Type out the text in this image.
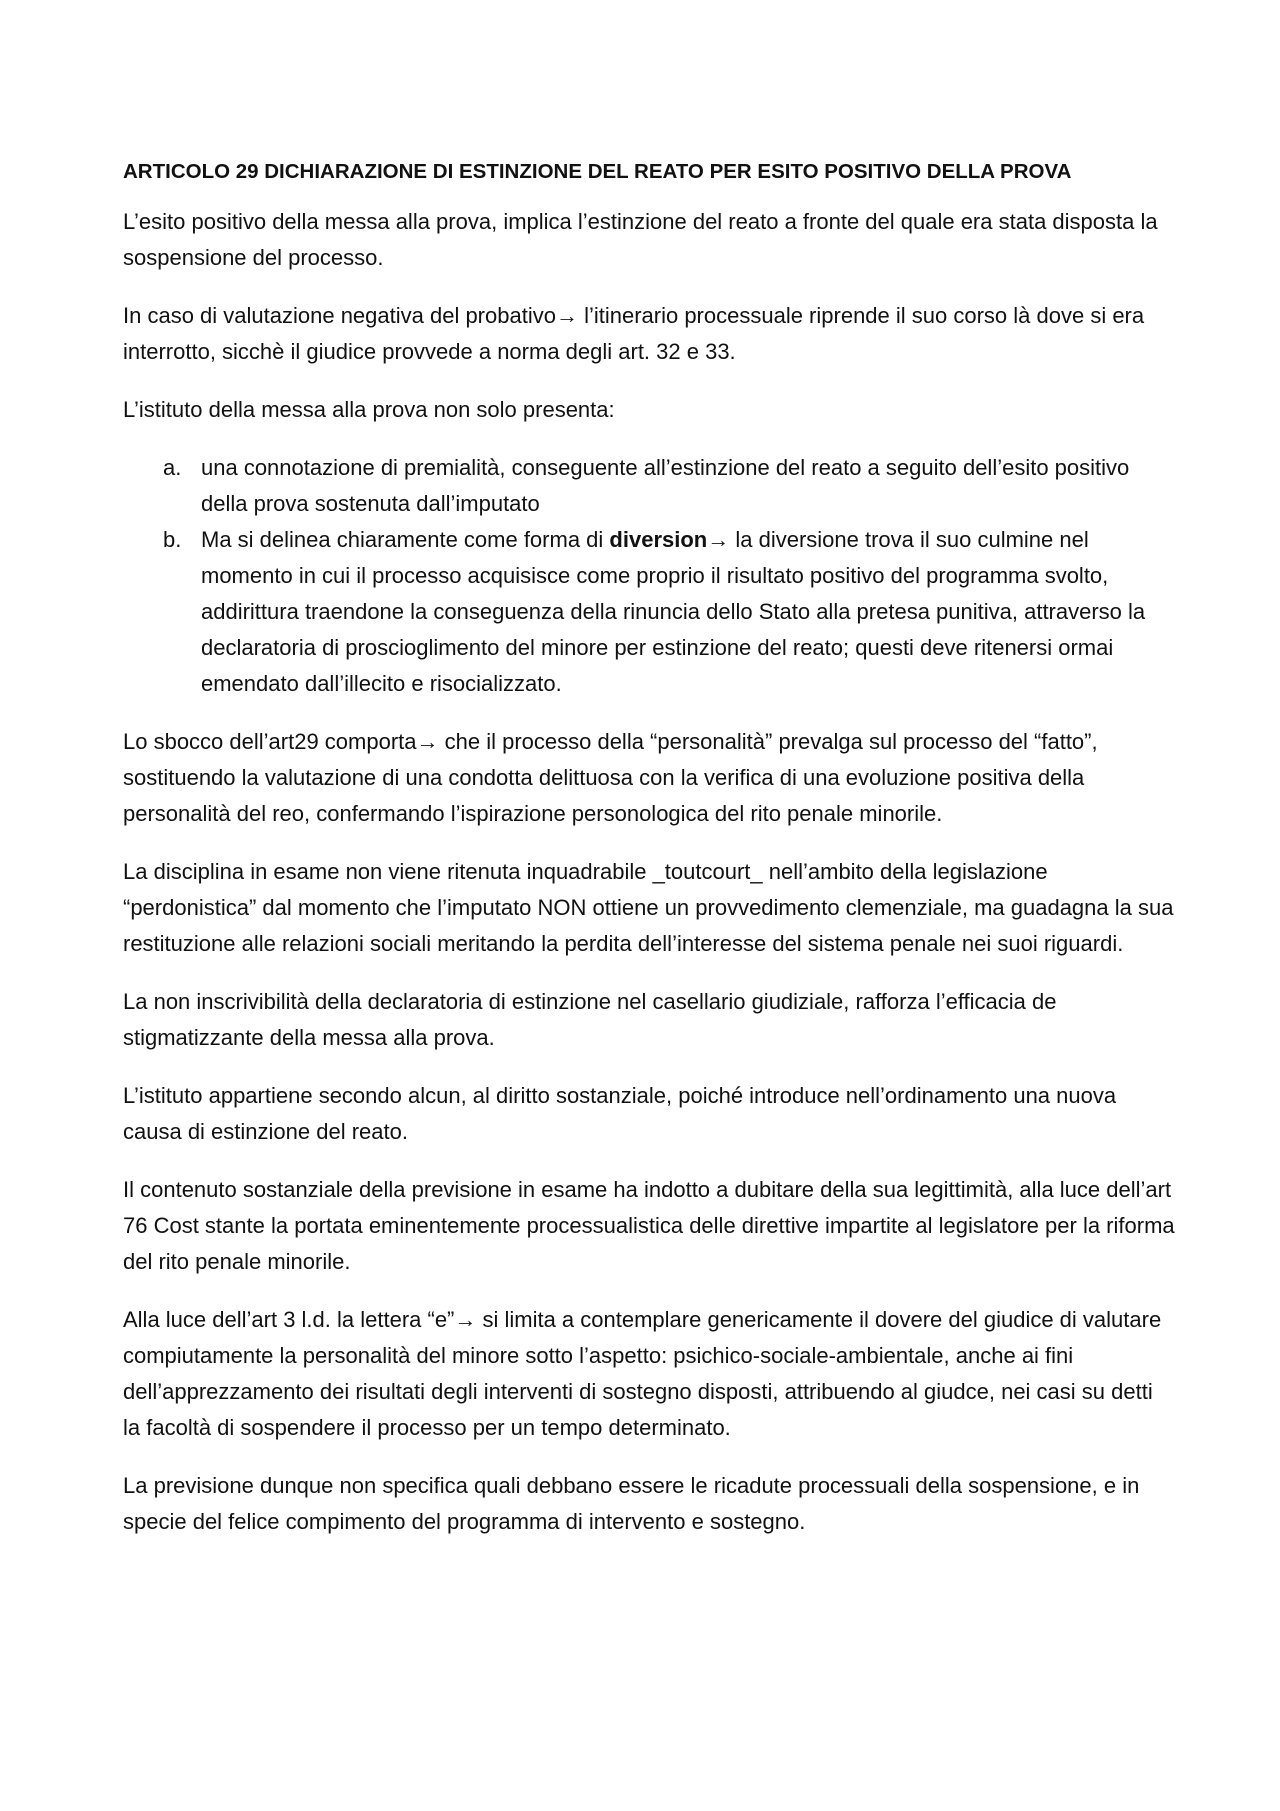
ARTICOLO 29 DICHIARAZIONE DI ESTINZIONE DEL REATO PER ESITO POSITIVO DELLA PROVA

L’esito positivo della messa alla prova, implica l’estinzione del reato a fronte del quale era stata disposta la sospensione del processo.

In caso di valutazione negativa del probativo→ l’itinerario processuale riprende il suo corso là dove si era interrotto, sicchè il giudice provvede a norma degli art. 32 e 33.

L’istituto della messa alla prova non solo presenta:

a. una connotazione di premialità, conseguente all’estinzione del reato a seguito dell’esito positivo della prova sostenuta dall’imputato
b. Ma si delinea chiaramente come forma di diversion→ la diversione trova il suo culmine nel momento in cui il processo acquisisce come proprio il risultato positivo del programma svolto, addirittura traendone la conseguenza della rinuncia dello Stato alla pretesa punitiva, attraverso la declaratoria di proscioglimento del minore per estinzione del reato; questi deve ritenersi ormai emendato dall’illecito e risocializzato.

Lo sbocco dell’art29 comporta→ che il processo della “personalità” prevalga sul processo del “fatto”, sostituendo la valutazione di una condotta delittuosa con la verifica di una evoluzione positiva della personalità del reo, confermando l’ispirazione personologica del rito penale minorile.

La disciplina in esame non viene ritenuta inquadrabile _toutcourt_ nell’ambito della legislazione “perdonistica” dal momento che l’imputato NON ottiene un provvedimento clemenziale, ma guadagna la sua restituzione alle relazioni sociali meritando la perdita dell’interesse del sistema penale nei suoi riguardi.

La non inscrivibilità della declaratoria di estinzione nel casellario giudiziale, rafforza l’efficacia de stigmatizzante della messa alla prova.

L’istituto appartiene secondo alcun, al diritto sostanziale, poiché introduce nell’ordinamento una nuova causa di estinzione del reato.

Il contenuto sostanziale della previsione in esame ha indotto a dubitare della sua legittimità, alla luce dell’art 76 Cost stante la portata eminentemente processualistica delle direttive impartite al legislatore per la riforma del rito penale minorile.

Alla luce dell’art 3 l.d. la lettera “e”→ si limita a contemplare genericamente il dovere del giudice di valutare compiutamente la personalità del minore sotto l’aspetto: psichico-sociale-ambientale, anche ai fini dell’apprezzamento dei risultati degli interventi di sostegno disposti, attribuendo al giudce, nei casi su detti la facoltà di sospendere il processo per un tempo determinato.

La previsione dunque non specifica quali debbano essere le ricadute processuali della sospensione, e in specie del felice compimento del programma di intervento e sostegno.
